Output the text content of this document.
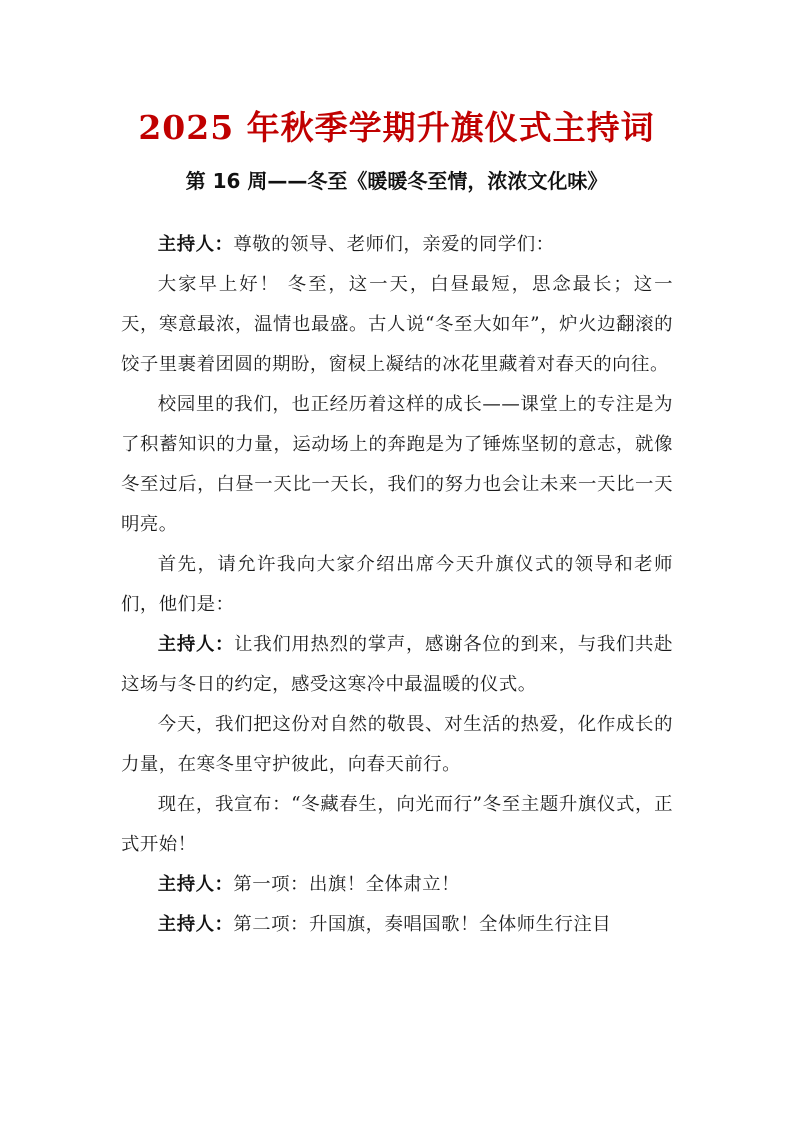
2025 年秋季学期升旗仪式主持词
第 16 周——冬至《暖暖冬至情，浓浓文化味》

主持人：尊敬的领导、老师们，亲爱的同学们：

大家早上好！ 冬至，这一天，白昼最短，思念最长；这一天，寒意最浓，温情也最盛。古人说“冬至大如年”，炉火边翻滚的饺子里裹着团圆的期盼，窗棂上凝结的冰花里藏着对春天的向往。

校园里的我们，也正经历着这样的成长——课堂上的专注是为了积蓄知识的力量，运动场上的奔跑是为了锤炼坚韧的意志，就像冬至过后，白昼一天比一天长，我们的努力也会让未来一天比一天明亮。

首先，请允许我向大家介绍出席今天升旗仪式的领导和老师们，他们是：

主持人：让我们用热烈的掌声，感谢各位的到来，与我们共赴这场与冬日的约定，感受这寒冷中最温暖的仪式。

今天，我们把这份对自然的敬畏、对生活的热爱，化作成长的力量，在寒冬里守护彼此，向春天前行。

现在，我宣布：“冬藏春生，向光而行”冬至主题升旗仪式，正式开始！

主持人：第一项：出旗！全体肃立！

主持人：第二项：升国旗，奏唱国歌！全体师生行注目
